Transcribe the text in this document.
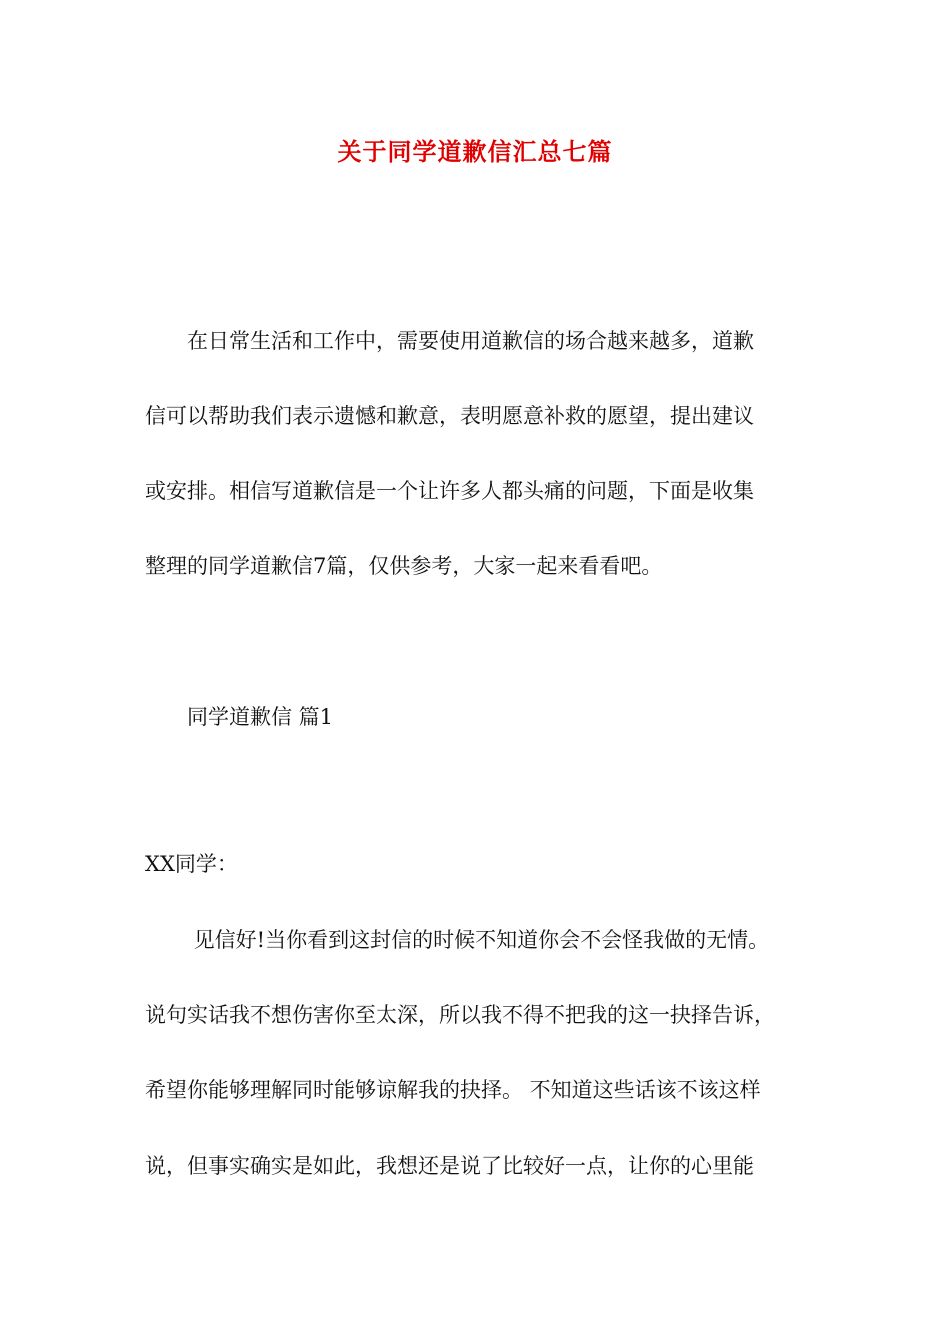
关于同学道歉信汇总七篇
　　在日常生活和工作中，需要使用道歉信的场合越来越多，道歉
信可以帮助我们表示遗憾和歉意，表明愿意补救的愿望，提出建议
或安排。相信写道歉信是一个让许多人都头痛的问题，下面是收集
整理的同学道歉信7篇，仅供参考，大家一起来看看吧。
　　同学道歉信 篇1
XX同学：
　　 见信好!当你看到这封信的时候不知道你会不会怪我做的无情。
说句实话我不想伤害你至太深，所以我不得不把我的这一抉择告诉，
希望你能够理解同时能够谅解我的抉择。 不知道这些话该不该这样
说，但事实确实是如此，我想还是说了比较好一点，让你的心里能
